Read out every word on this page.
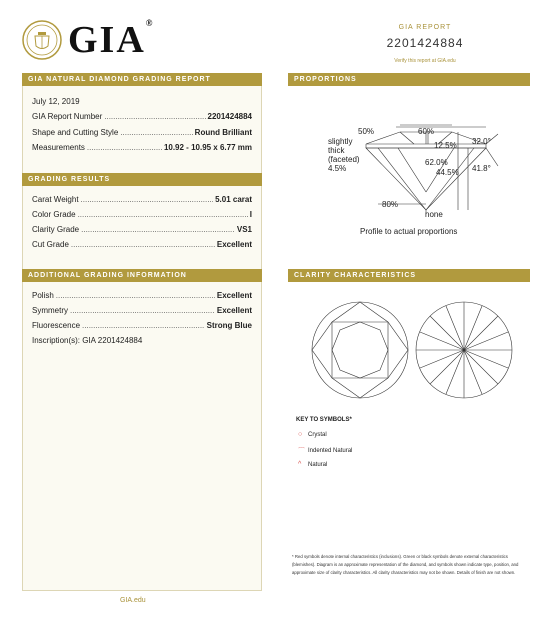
GIA®	GIA REPORT
2201424884
Verify this report at GIA.edu
GIA NATURAL DIAMOND GRADING REPORT
July 12, 2019
GIA Report Number .....	2201424884
Shape and Cutting Style .....	Round Brilliant
Measurements .....	10.92 - 10.95 x 6.77 mm
GRADING RESULTS
Carat Weight .....	5.01 carat
Color Grade .....	I
Clarity Grade .....	VS1
Cut Grade .....	Excellent
ADDITIONAL GRADING INFORMATION
Polish .....	Excellent
Symmetry .....	Excellent
Fluorescence .....	Strong Blue
Inscription(s): GIA 2201424884
PROPORTIONS
50%	60%
12.5% 32.0°
slightly
thick
(faceted)
4.5%
62.0%
44.5% 41.8°
80%
none
Profile to actual proportions
CLARITY CHARACTERISTICS
KEY TO SYMBOLS*
○ Crystal
⌒ Indented Natural
^	Natural
* Red symbols denote internal characteristics (inclusions). Green or black symbols denote external characteristics (blemishes). Diagram is an approximate representation of the diamond, and symbols shown indicate type, position, and approximate size of clarity characteristics. All clarity characteristics may not be shown. Details of finish are not shown.
GIA.edu
